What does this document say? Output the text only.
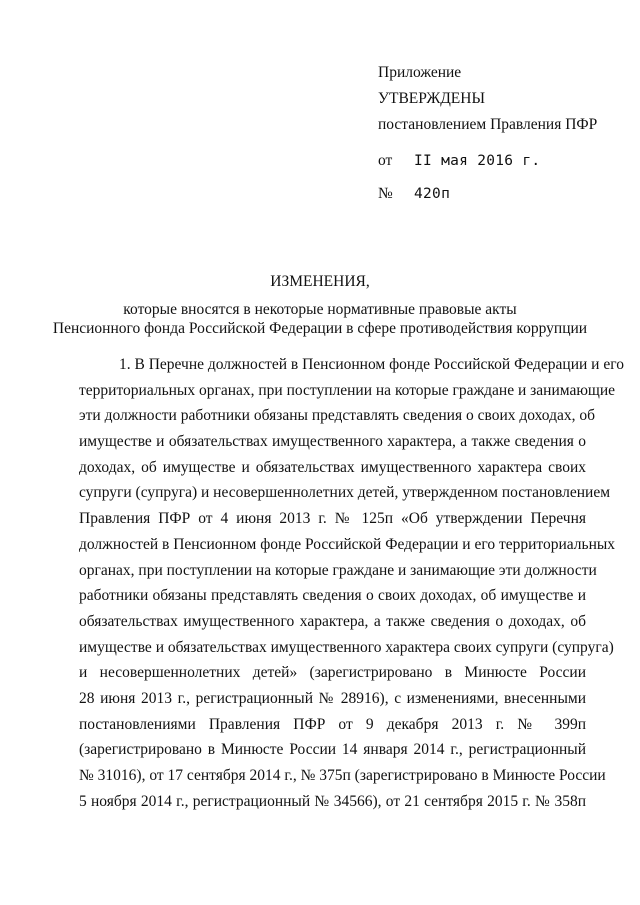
Приложение
УТВЕРЖДЕНЫ
постановлением Правления ПФР
от II мая 2016 г.
№ 420п
ИЗМЕНЕНИЯ,
которые вносятся в некоторые нормативные правовые акты
Пенсионного фонда Российской Федерации в сфере противодействия коррупции
1. В Перечне должностей в Пенсионном фонде Российской Федерации и его
территориальных органах, при поступлении на которые граждане и занимающие
эти должности работники обязаны представлять сведения о своих доходах, об
имуществе и обязательствах имущественного характера, а также сведения о
доходах, об имуществе и обязательствах имущественного характера своих
супруги (супруга) и несовершеннолетних детей, утвержденном постановлением
Правления ПФР от 4 июня 2013 г. № 125п «Об утверждении Перечня
должностей в Пенсионном фонде Российской Федерации и его территориальных
органах, при поступлении на которые граждане и занимающие эти должности
работники обязаны представлять сведения о своих доходах, об имуществе и
обязательствах имущественного характера, а также сведения о доходах, об
имуществе и обязательствах имущественного характера своих супруги (супруга)
и несовершеннолетних детей» (зарегистрировано в Минюсте России
28 июня 2013 г., регистрационный № 28916), с изменениями, внесенными
постановлениями Правления ПФР от 9 декабря 2013 г. № 399п
(зарегистрировано в Минюсте России 14 января 2014 г., регистрационный
№ 31016), от 17 сентября 2014 г., № 375п (зарегистрировано в Минюсте России
5 ноября 2014 г., регистрационный № 34566), от 21 сентября 2015 г. № 358п
